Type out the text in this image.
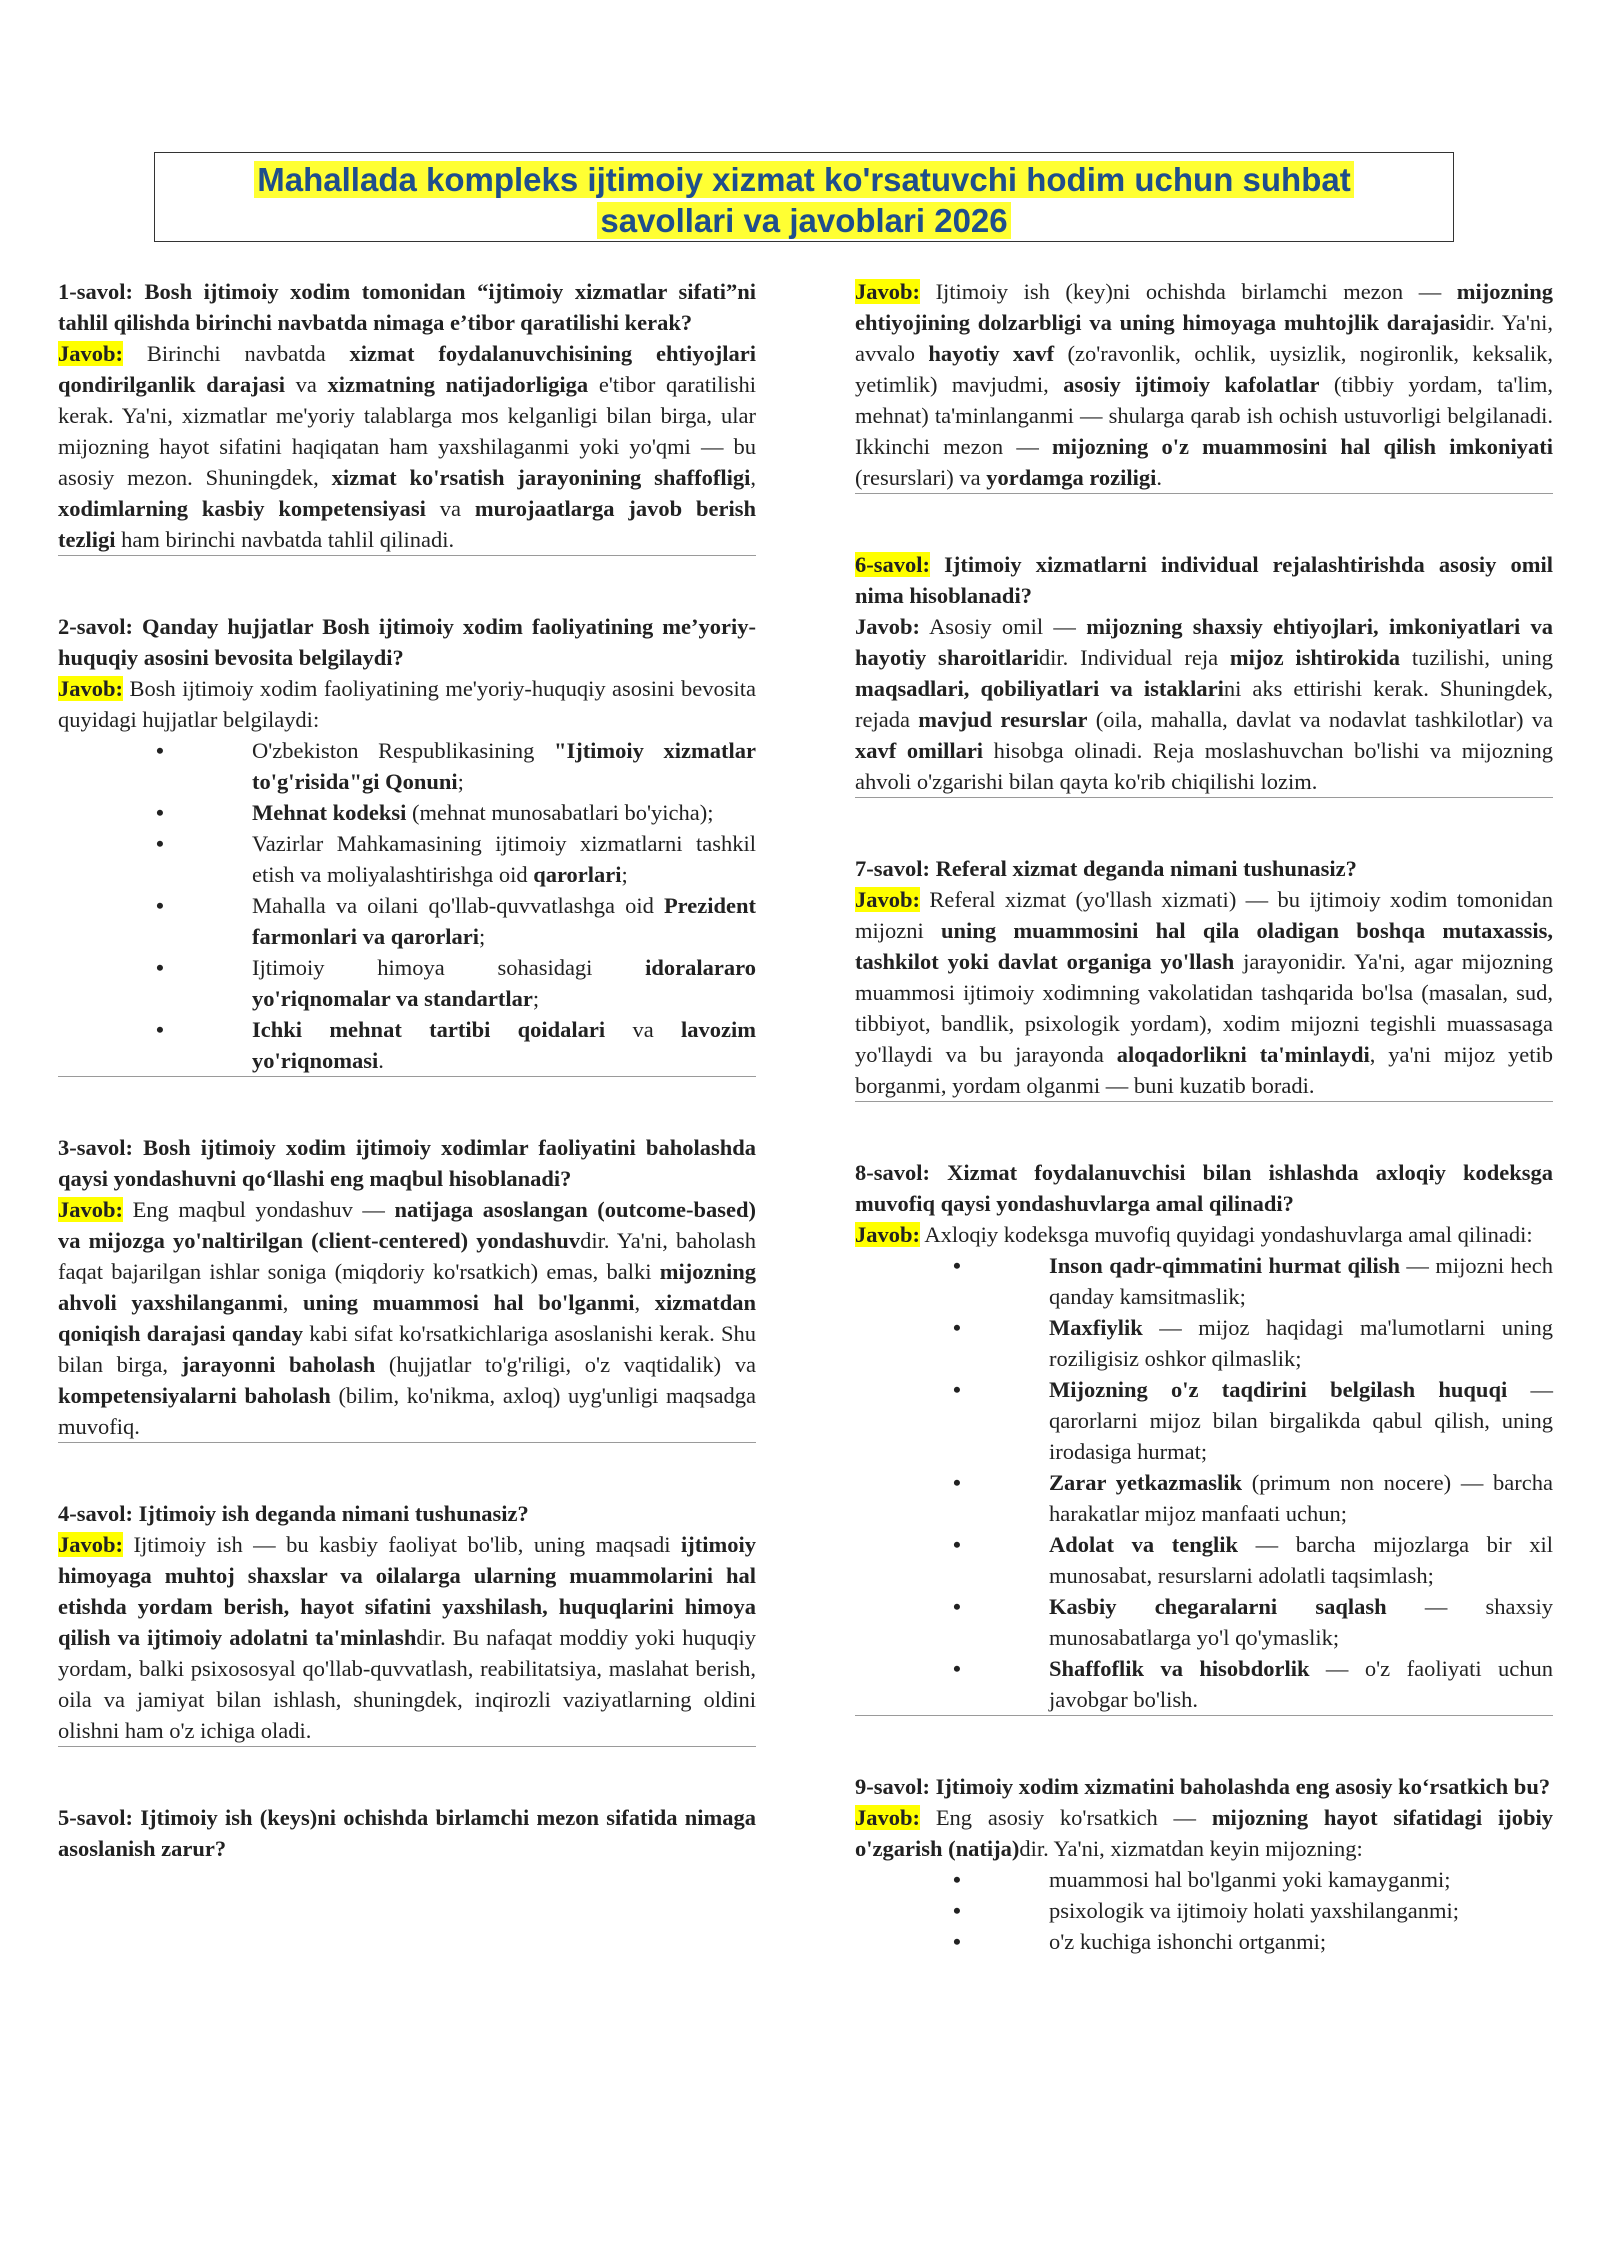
Mahallada kompleks ijtimoiy xizmat ko'rsatuvchi hodim uchun suhbat
savollari va javoblari 2026
1-savol: Bosh ijtimoiy xodim tomonidan “ijtimoiy xizmatlar sifati”ni tahlil qilishda birinchi navbatda nimaga e’tibor qaratilishi kerak?
Javob: Birinchi navbatda xizmat foydalanuvchisining ehtiyojlari qondirilganlik darajasi va xizmatning natijadorligiga e'tibor qaratilishi kerak. Ya'ni, xizmatlar me'yoriy talablarga mos kelganligi bilan birga, ular mijozning hayot sifatini haqiqatan ham yaxshilaganmi yoki yo'qmi — bu asosiy mezon. Shuningdek, xizmat ko'rsatish jarayonining shaffofligi, xodimlarning kasbiy kompetensiyasi va murojaatlarga javob berish tezligi ham birinchi navbatda tahlil qilinadi.
2-savol: Qanday hujjatlar Bosh ijtimoiy xodim faoliyatining me’yoriy-huquqiy asosini bevosita belgilaydi?
Javob: Bosh ijtimoiy xodim faoliyatining me'yoriy-huquqiy asosini bevosita quyidagi hujjatlar belgilaydi:
• O'zbekiston Respublikasining "Ijtimoiy xizmatlar to'g'risida"gi Qonuni;
• Mehnat kodeksi (mehnat munosabatlari bo'yicha);
• Vazirlar Mahkamasining ijtimoiy xizmatlarni tashkil etish va moliyalashtirishga oid qarorlari;
• Mahalla va oilani qo'llab-quvvatlashga oid Prezident farmonlari va qarorlari;
• Ijtimoiy himoya sohasidagi idoralararo yo'riqnomalar va standartlar;
• Ichki mehnat tartibi qoidalari va lavozim yo'riqnomasi.
3-savol: Bosh ijtimoiy xodim ijtimoiy xodimlar faoliyatini baholashda qaysi yondashuvni qo‘llashi eng maqbul hisoblanadi?
Javob: Eng maqbul yondashuv — natijaga asoslangan (outcome-based) va mijozga yo'naltirilgan (client-centered) yondashuvdir. Ya'ni, baholash faqat bajarilgan ishlar soniga (miqdoriy ko'rsatkich) emas, balki mijozning ahvoli yaxshilanganmi, uning muammosi hal bo'lganmi, xizmatdan qoniqish darajasi qanday kabi sifat ko'rsatkichlariga asoslanishi kerak. Shu bilan birga, jarayonni baholash (hujjatlar to'g'riligi, o'z vaqtidalik) va kompetensiyalarni baholash (bilim, ko'nikma, axloq) uyg'unligi maqsadga muvofiq.
4-savol: Ijtimoiy ish deganda nimani tushunasiz?
Javob: Ijtimoiy ish — bu kasbiy faoliyat bo'lib, uning maqsadi ijtimoiy himoyaga muhtoj shaxslar va oilalarga ularning muammolarini hal etishda yordam berish, hayot sifatini yaxshilash, huquqlarini himoya qilish va ijtimoiy adolatni ta'minlashdir. Bu nafaqat moddiy yoki huquqiy yordam, balki psixososyal qo'llab-quvvatlash, reabilitatsiya, maslahat berish, oila va jamiyat bilan ishlash, shuningdek, inqirozli vaziyatlarning oldini olishni ham o'z ichiga oladi.
5-savol: Ijtimoiy ish (keys)ni ochishda birlamchi mezon sifatida nimaga asoslanish zarur?
Javob: Ijtimoiy ish (key)ni ochishda birlamchi mezon — mijozning ehtiyojining dolzarbligi va uning himoyaga muhtojlik darajasidir. Ya'ni, avvalo hayotiy xavf (zo'ravonlik, ochlik, uysizlik, nogironlik, keksalik, yetimlik) mavjudmi, asosiy ijtimoiy kafolatlar (tibbiy yordam, ta'lim, mehnat) ta'minlanganmi — shularga qarab ish ochish ustuvorligi belgilanadi. Ikkinchi mezon — mijozning o'z muammosini hal qilish imkoniyati (resurslari) va yordamga roziligi.
6-savol: Ijtimoiy xizmatlarni individual rejalashtirishda asosiy omil nima hisoblanadi?
Javob: Asosiy omil — mijozning shaxsiy ehtiyojlari, imkoniyatlari va hayotiy sharoitlaridir. Individual reja mijoz ishtirokida tuzilishi, uning maqsadlari, qobiliyatlari va istaklarini aks ettirishi kerak. Shuningdek, rejada mavjud resurslar (oila, mahalla, davlat va nodavlat tashkilotlar) va xavf omillari hisobga olinadi. Reja moslashuvchan bo'lishi va mijozning ahvoli o'zgarishi bilan qayta ko'rib chiqilishi lozim.
7-savol: Referal xizmat deganda nimani tushunasiz?
Javob: Referal xizmat (yo'llash xizmati) — bu ijtimoiy xodim tomonidan mijozni uning muammosini hal qila oladigan boshqa mutaxassis, tashkilot yoki davlat organiga yo'llash jarayonidir. Ya'ni, agar mijozning muammosi ijtimoiy xodimning vakolatidan tashqarida bo'lsa (masalan, sud, tibbiyot, bandlik, psixologik yordam), xodim mijozni tegishli muassasaga yo'llaydi va bu jarayonda aloqadorlikni ta'minlaydi, ya'ni mijoz yetib borganmi, yordam olganmi — buni kuzatib boradi.
8-savol: Xizmat foydalanuvchisi bilan ishlashda axloqiy kodeksga muvofiq qaysi yondashuvlarga amal qilinadi?
Javob: Axloqiy kodeksga muvofiq quyidagi yondashuvlarga amal qilinadi:
• Inson qadr-qimmatini hurmat qilish — mijozni hech qanday kamsitmaslik;
• Maxfiylik — mijoz haqidagi ma'lumotlarni uning roziligisiz oshkor qilmaslik;
• Mijozning o'z taqdirini belgilash huquqi — qarorlarni mijoz bilan birgalikda qabul qilish, uning irodasiga hurmat;
• Zarar yetkazmaslik (primum non nocere) — barcha harakatlar mijoz manfaati uchun;
• Adolat va tenglik — barcha mijozlarga bir xil munosabat, resurslarni adolatli taqsimlash;
• Kasbiy chegaralarni saqlash — shaxsiy munosabatlarga yo'l qo'ymaslik;
• Shaffoflik va hisobdorlik — o'z faoliyati uchun javobgar bo'lish.
9-savol: Ijtimoiy xodim xizmatini baholashda eng asosiy ko‘rsatkich bu?
Javob: Eng asosiy ko'rsatkich — mijozning hayot sifatidagi ijobiy o'zgarish (natija)dir. Ya'ni, xizmatdan keyin mijozning:
• muammosi hal bo'lganmi yoki kamayganmi;
• psixologik va ijtimoiy holati yaxshilanganmi;
• o'z kuchiga ishonchi ortganmi;
